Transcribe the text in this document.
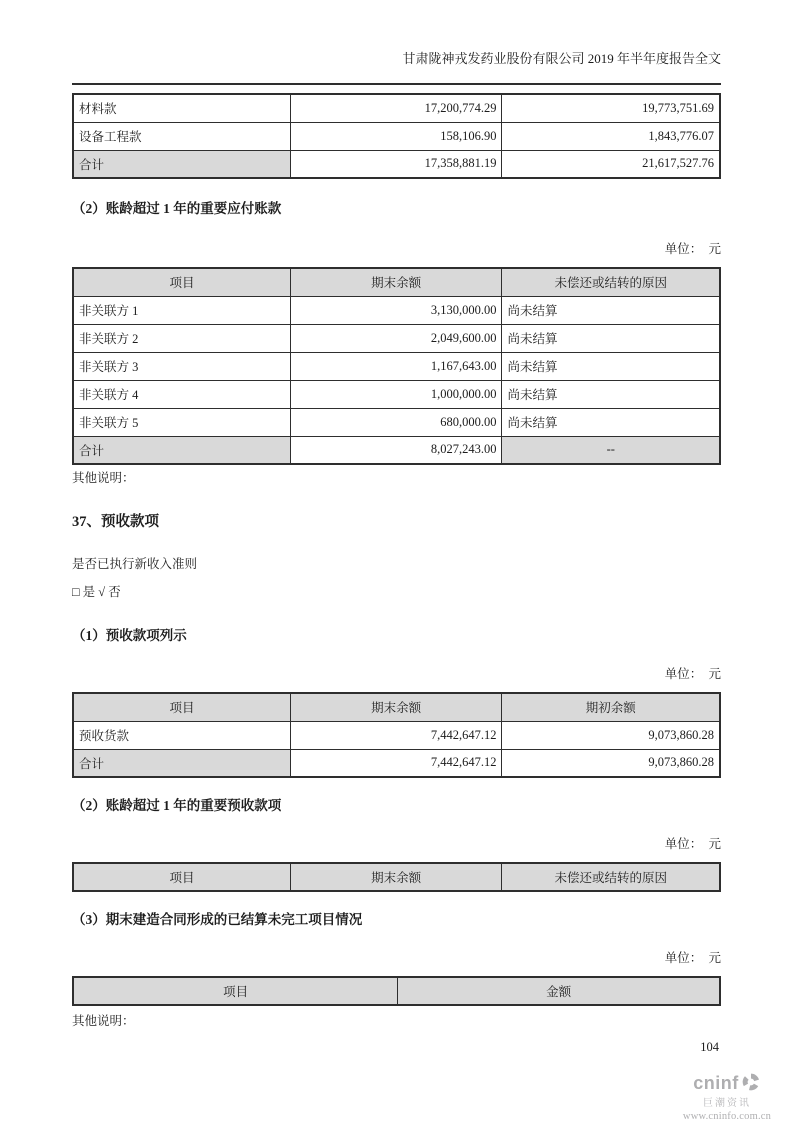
甘肃陇神戎发药业股份有限公司 2019 年半年度报告全文
材料款	17,200,774.29	19,773,751.69
设备工程款	158,106.90	1,843,776.07
合计	17,358,881.19	21,617,527.76
（2）账龄超过 1 年的重要应付账款
单位：  元
项目	期末余额	未偿还或结转的原因
非关联方 1	3,130,000.00	尚未结算
非关联方 2	2,049,600.00	尚未结算
非关联方 3	1,167,643.00	尚未结算
非关联方 4	1,000,000.00	尚未结算
非关联方 5	680,000.00	尚未结算
合计	8,027,243.00	--
其他说明：
37、预收款项
是否已执行新收入准则
□ 是 √ 否
（1）预收款项列示
单位：  元
项目	期末余额	期初余额
预收货款	7,442,647.12	9,073,860.28
合计	7,442,647.12	9,073,860.28
（2）账龄超过 1 年的重要预收款项
单位：  元
项目	期末余额	未偿还或结转的原因
（3）期末建造合同形成的已结算未完工项目情况
单位：  元
项目	金额
其他说明：
104
cninf
巨潮资讯
www.cninfo.com.cn
